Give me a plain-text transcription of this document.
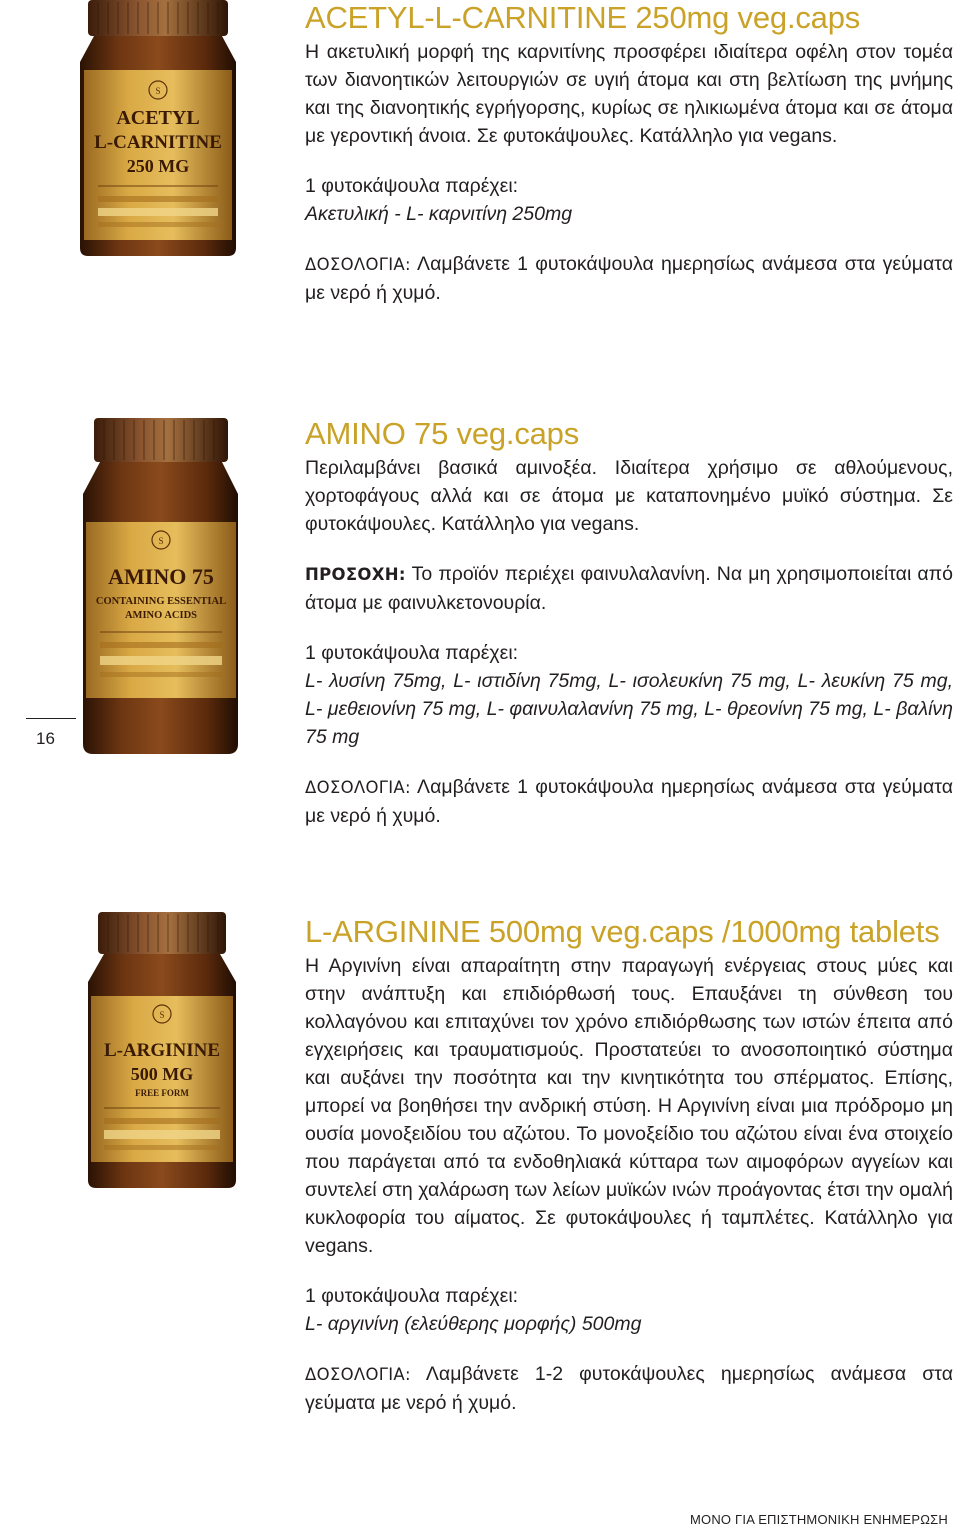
S
ACETYL
L-CARNITINE
250 MG
S
AMINO 75
CONTAINING ESSENTIAL
AMINO ACIDS
S
L-ARGININE
500 MG
FREE FORM
ACETYL-L-CARNITINE 250mg veg.caps

Η ακετυλική μορφή της καρνιτίνης προσφέρει ιδιαίτερα οφέλη στον τομέα των διανοητικών λειτουργιών σε υγιή άτομα και στη βελτίωση της μνήμης και της διανοητικής εγρήγορσης, κυρίως σε ηλικιωμένα άτομα και σε άτομα με γεροντική άνοια. Σε φυτοκάψουλες. Κατάλληλο για vegans.

1 φυτοκάψουλα παρέχει:

Ακετυλική - L- καρνιτίνη 250mg

ΔΟΣΟΛΟΓΙΑ: Λαμβάνετε 1 φυτοκάψουλα ημερησίως ανάμεσα στα γεύματα με νερό ή χυμό.

AMINO 75 veg.caps

Περιλαμβάνει βασικά αμινοξέα. Ιδιαίτερα χρήσιμο σε αθλούμενους, χορτοφάγους αλλά και σε άτομα με καταπονημένο μυϊκό σύστημα. Σε φυτοκάψουλες. Κατάλληλο για vegans.

ΠΡΟΣΟΧΗ: Το προϊόν περιέχει φαινυλαλανίνη. Να μη χρησιμοποιείται από άτομα με φαινυλκετονουρία.

1 φυτοκάψουλα παρέχει:

L- λυσίνη 75mg, L- ιστιδίνη 75mg, L- ισολευκίνη 75 mg, L- λευκίνη 75 mg, L- μεθειονίνη 75 mg, L- φαινυλαλανίνη 75 mg, L- θρεονίνη 75 mg, L- βαλίνη 75 mg

ΔΟΣΟΛΟΓΙΑ: Λαμβάνετε 1 φυτοκάψουλα ημερησίως ανάμεσα στα γεύματα με νερό ή χυμό.

L-ARGININE 500mg veg.caps /1000mg tablets

Η Αργινίνη είναι απαραίτητη στην παραγωγή ενέργειας στους μύες και στην ανάπτυξη και επιδιόρθωσή τους. Επαυξάνει τη σύνθεση του κολλαγόνου και επιταχύνει τον χρόνο επιδιόρθωσης των ιστών έπειτα από εγχειρήσεις και τραυματισμούς. Προστατεύει το ανοσοποιητικό σύστημα και αυξάνει την ποσότητα και την κινητικότητα του σπέρματος. Επίσης, μπορεί να βοηθήσει την ανδρική στύση. Η Αργινίνη είναι μια πρόδρομο μη ουσία μονοξειδίου του αζώτου. Το μονοξείδιο του αζώτου είναι ένα στοιχείο που παράγεται από τα ενδοθηλιακά κύτταρα των αιμοφόρων αγγείων και συντελεί στη χαλάρωση των λείων μυϊκών ινών προάγοντας έτσι την ομαλή κυκλοφορία του αίματος. Σε φυτοκάψουλες ή ταμπλέτες. Κατάλληλο για vegans.

1 φυτοκάψουλα παρέχει:

L- αργινίνη (ελεύθερης μορφής) 500mg

ΔΟΣΟΛΟΓΙΑ: Λαμβάνετε 1-2 φυτοκάψουλες ημερησίως ανάμεσα στα γεύματα με νερό ή χυμό.

16
ΜΟΝΟ ΓΙΑ ΕΠΙΣΤΗΜΟΝΙΚΗ ΕΝΗΜΕΡΩΣΗ
